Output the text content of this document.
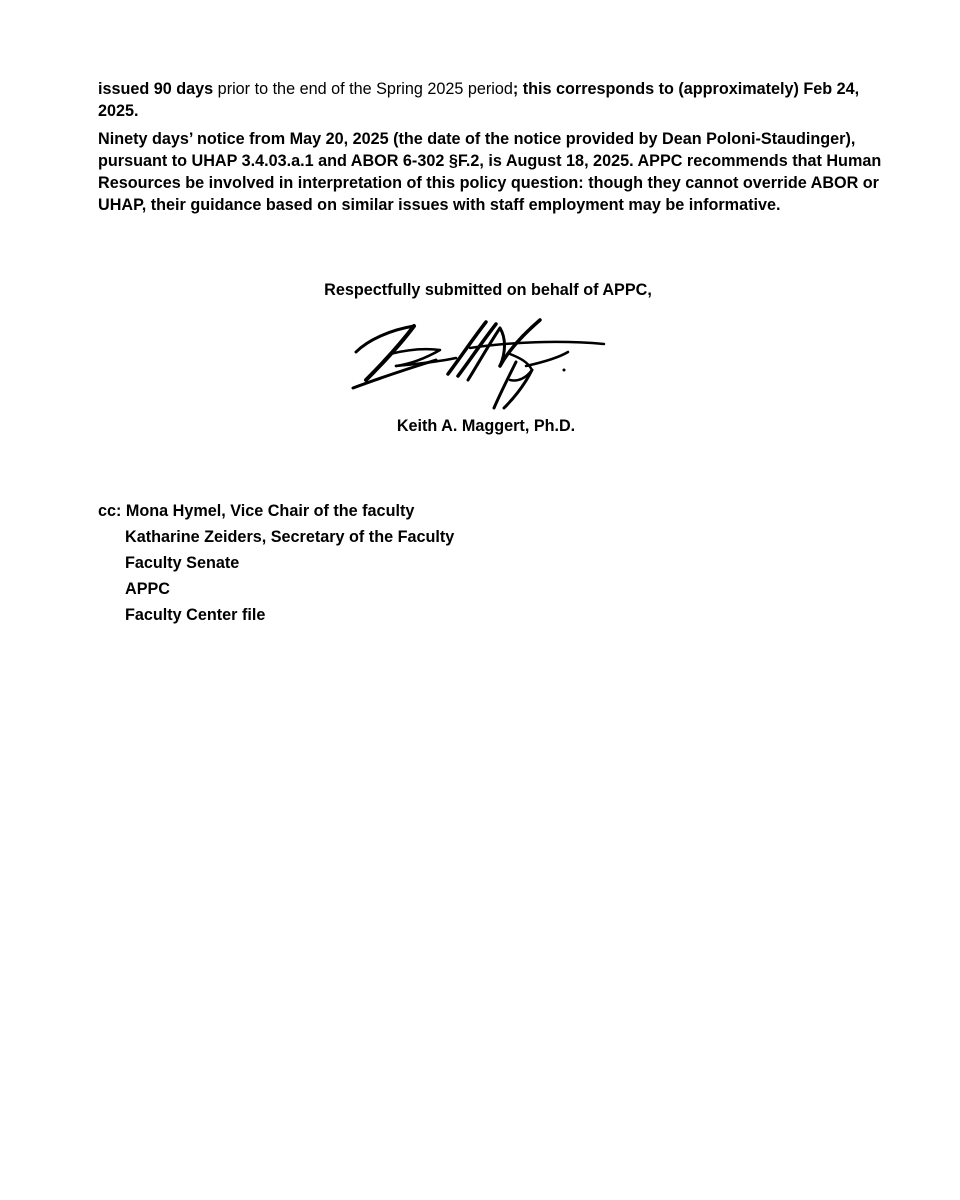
issued 90 days prior to the end of the Spring 2025 period; this corresponds to (approximately) Feb 24, 2025.

Ninety days’ notice from May 20, 2025 (the date of the notice provided by Dean Poloni-Staudinger), pursuant to UHAP 3.4.03.a.1 and ABOR 6-302 §F.2, is August 18, 2025. APPC recommends that Human Resources be involved in interpretation of this policy question: though they cannot override ABOR or UHAP, their guidance based on similar issues with staff employment may be informative.

Respectfully submitted on behalf of APPC,
Keith A. Maggert, Ph.D.
cc: Mona Hymel, Vice Chair of the faculty
Katharine Zeiders, Secretary of the Faculty
Faculty Senate
APPC
Faculty Center file
